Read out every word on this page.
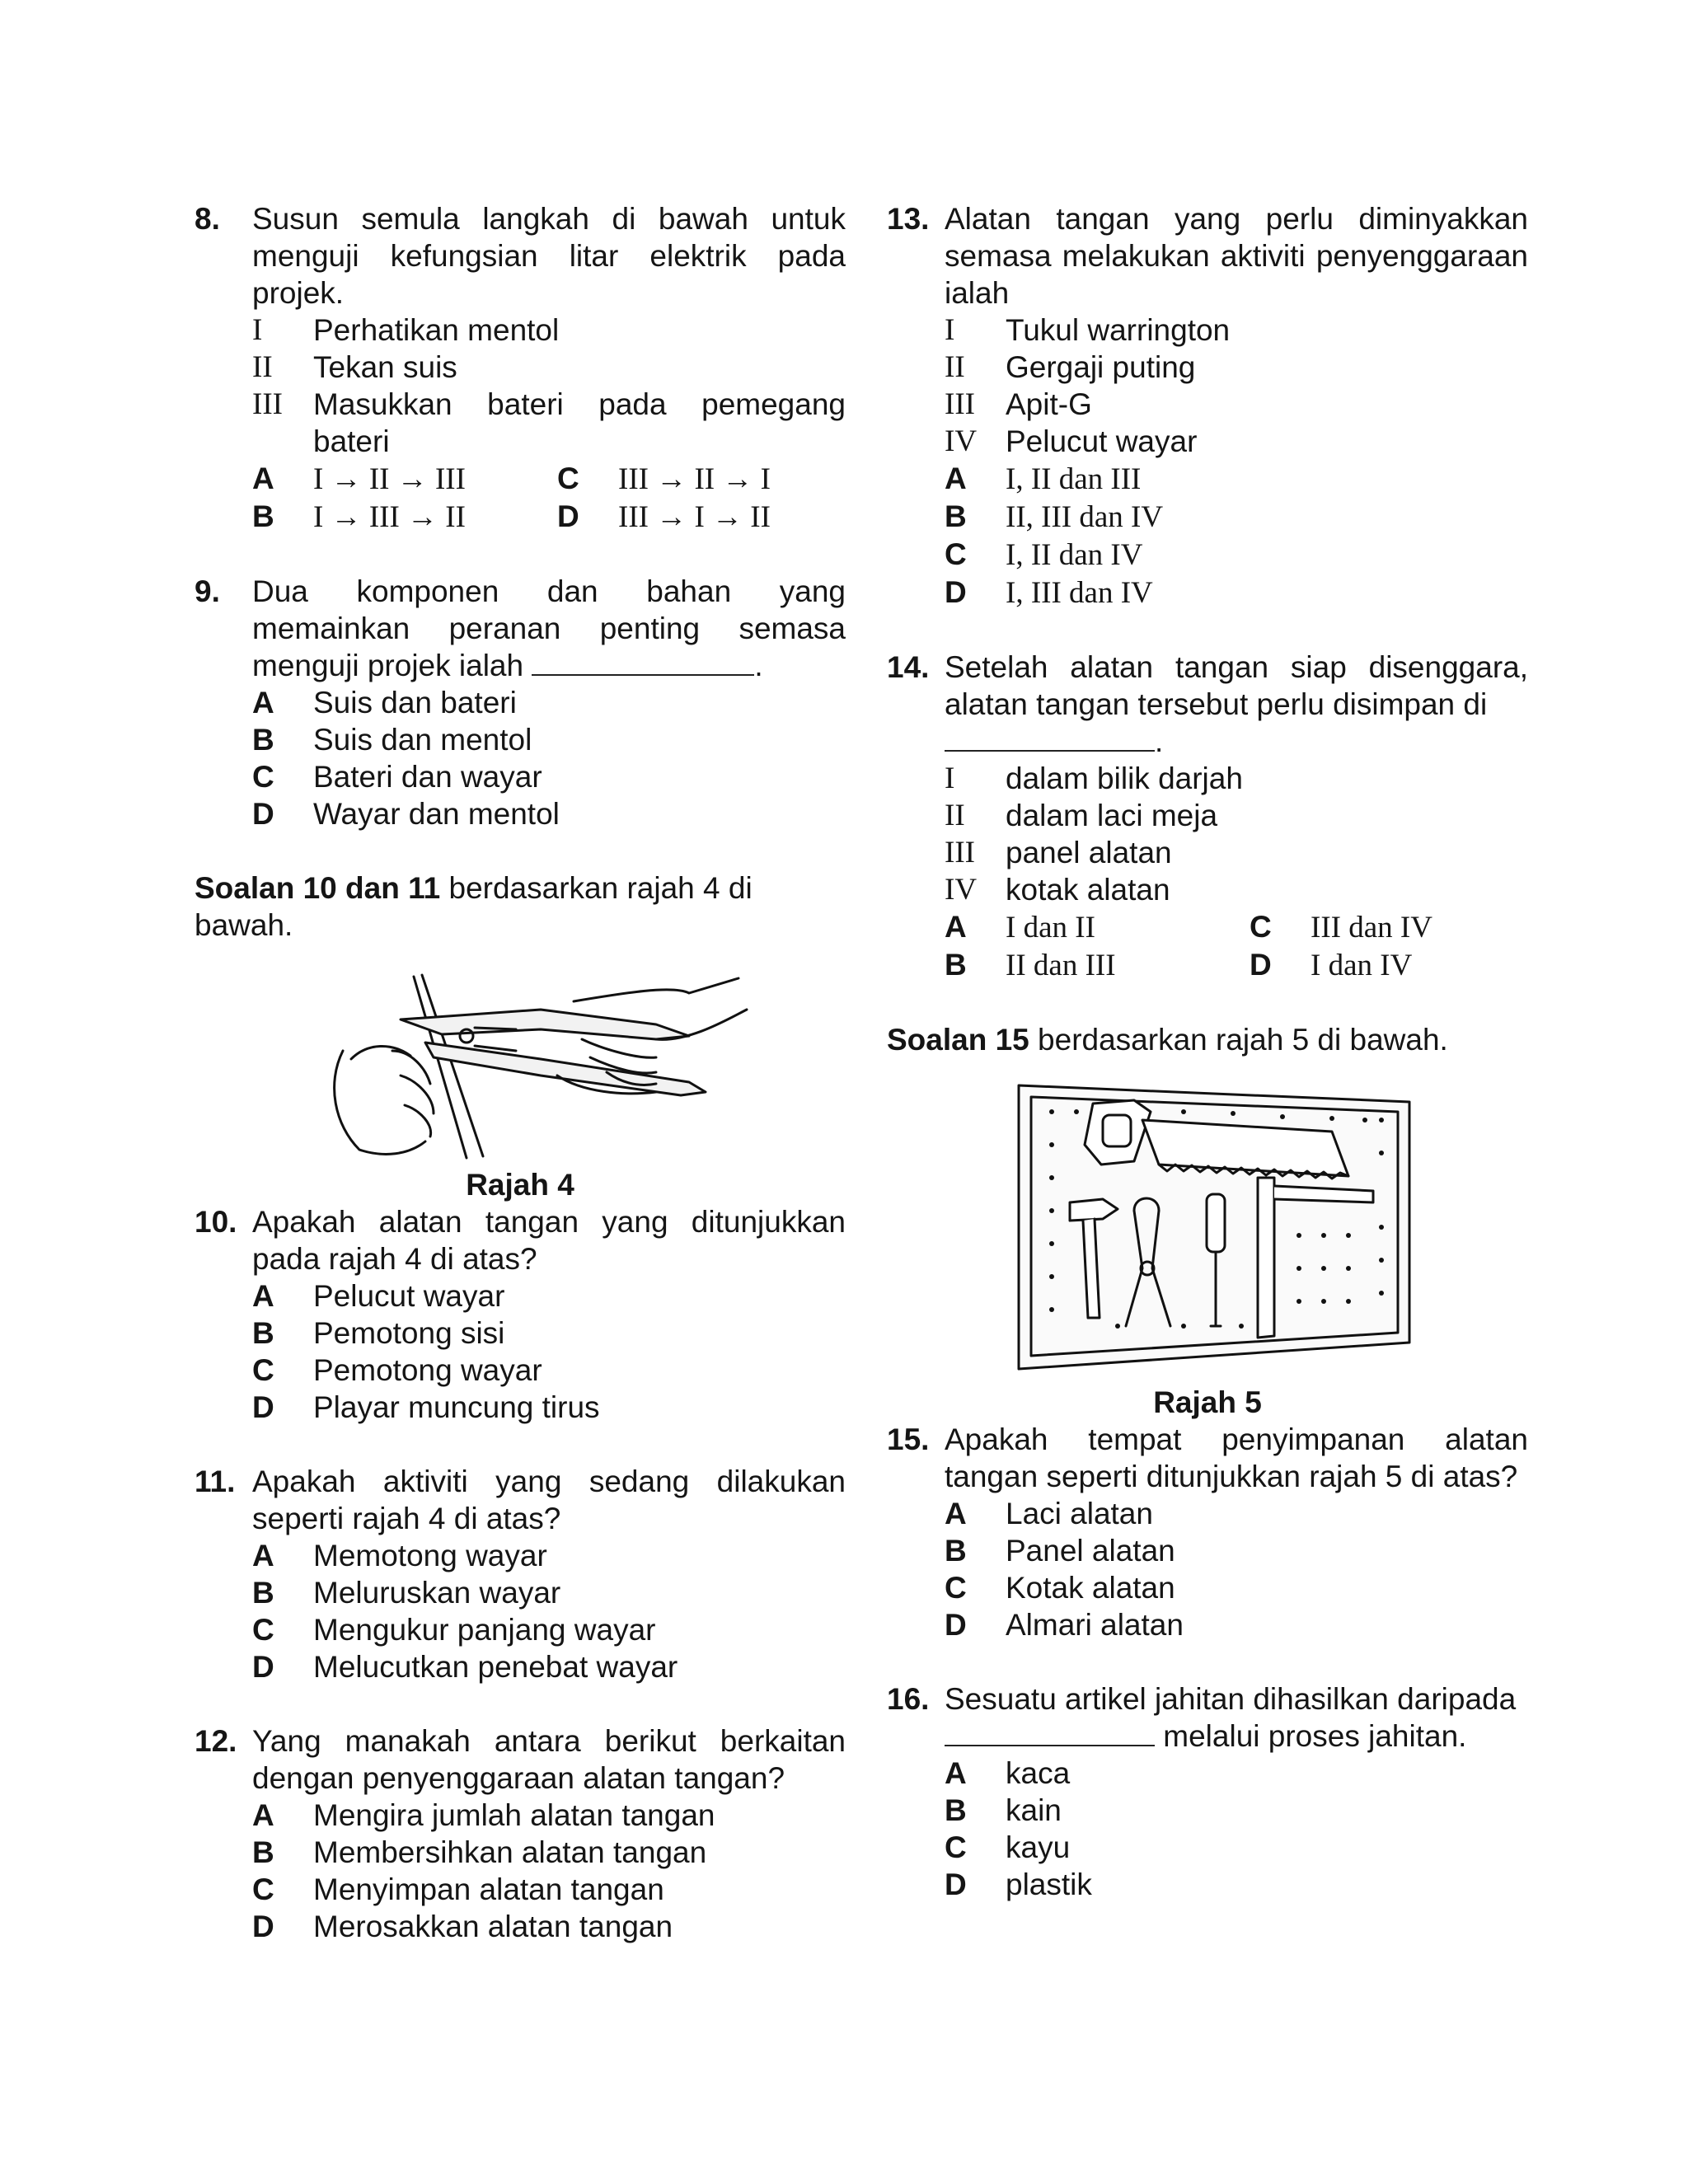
8. Susun semula langkah di bawah untuk menguji kefungsian litar elektrik pada projek.
I Perhatikan mentol
II Tekan suis
III Masukkan bateri pada pemegang bateri
A I → II → III	C III → II → I
B I → III → II	D III → I → II
9. Dua komponen dan bahan yang memainkan peranan penting semasa menguji projek ialah	.
A Suis dan bateri
B Suis dan mentol
C Bateri dan wayar
D Wayar dan mentol
Soalan 10 dan 11 berdasarkan rajah 4 di bawah.
Rajah 4
10. Apakah alatan tangan yang ditunjukkan pada rajah 4 di atas?
A Pelucut wayar
B Pemotong sisi
C Pemotong wayar
D Playar muncung tirus
11. Apakah aktiviti yang sedang dilakukan seperti rajah 4 di atas?
A Memotong wayar
B Meluruskan wayar
C Mengukur panjang wayar
D Melucutkan penebat wayar
12. Yang manakah antara berikut berkaitan dengan penyenggaraan alatan tangan?
A Mengira jumlah alatan tangan
B Membersihkan alatan tangan
C Menyimpan alatan tangan
D Merosakkan alatan tangan
13. Alatan tangan yang perlu diminyakkan semasa melakukan aktiviti penyenggaraan ialah
I Tukul warrington
II Gergaji puting
III Apit-G
IV Pelucut wayar
A I, II dan III
B II, III dan IV
C I, II dan IV
D I, III dan IV
14. Setelah alatan tangan siap disenggara, alatan tangan tersebut perlu disimpan di
.
I dalam bilik darjah
II dalam laci meja
III panel alatan
IV kotak alatan
A I dan II	C III dan IV
B II dan III	D I dan IV
Soalan 15 berdasarkan rajah 5 di bawah.
Rajah 5
15. Apakah tempat penyimpanan alatan tangan seperti ditunjukkan rajah 5 di atas?
A Laci alatan
B Panel alatan
C Kotak alatan
D Almari alatan
16. Sesuatu artikel jahitan dihasilkan daripada
melalui proses jahitan.
A kaca
B kain
C kayu
D plastik
